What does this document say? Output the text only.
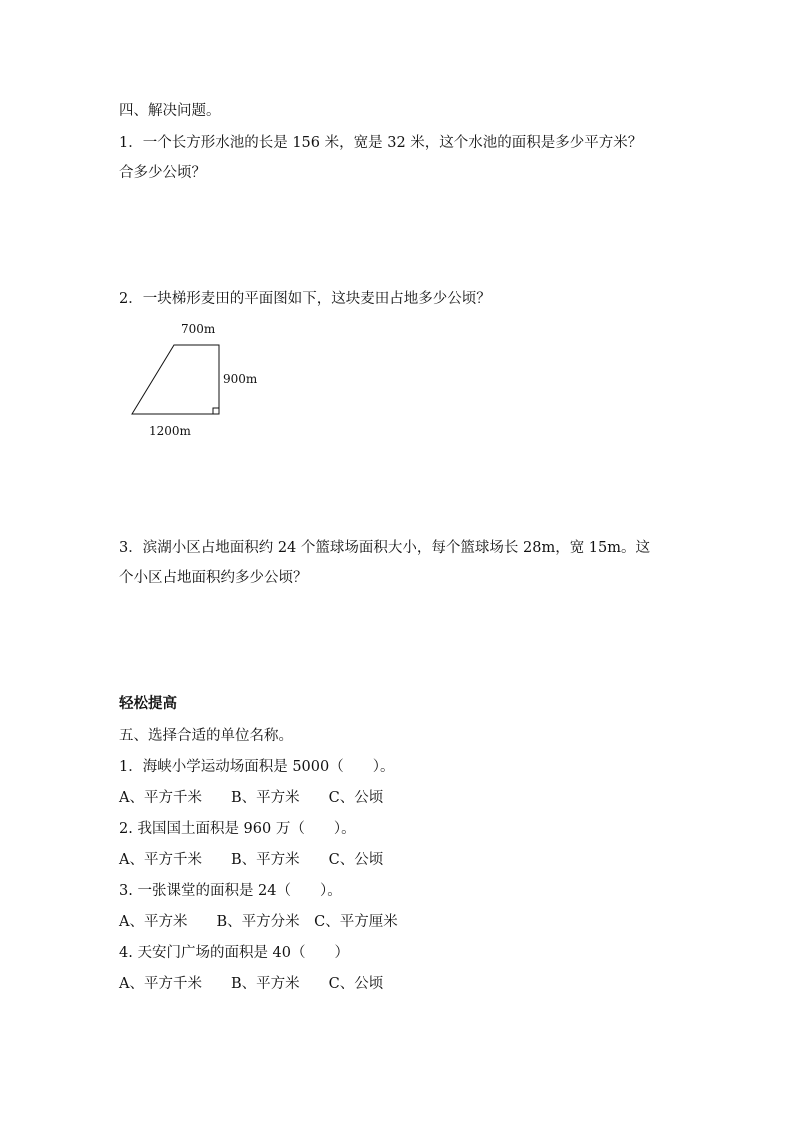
四、解决问题。
1．一个长方形水池的长是 156 米，宽是 32 米，这个水池的面积是多少平方米？
合多少公顷？
2．一块梯形麦田的平面图如下，这块麦田占地多少公顷？
700m
900m
1200m
3．滨湖小区占地面积约 24 个篮球场面积大小，每个篮球场长 28m，宽 15m。这
个小区占地面积约多少公顷？
轻松提高
五、选择合适的单位名称。
1．海峡小学运动场面积是 5000（　　）。
A、平方千米　　B、平方米　　C、公顷
2. 我国国土面积是 960 万（　　）。
A、平方千米　　B、平方米　　C、公顷
3. 一张课堂的面积是 24（　　）。
A、平方米　　B、平方分米　C、平方厘米
4. 天安门广场的面积是 40（　　）
A、平方千米　　B、平方米　　C、公顷
